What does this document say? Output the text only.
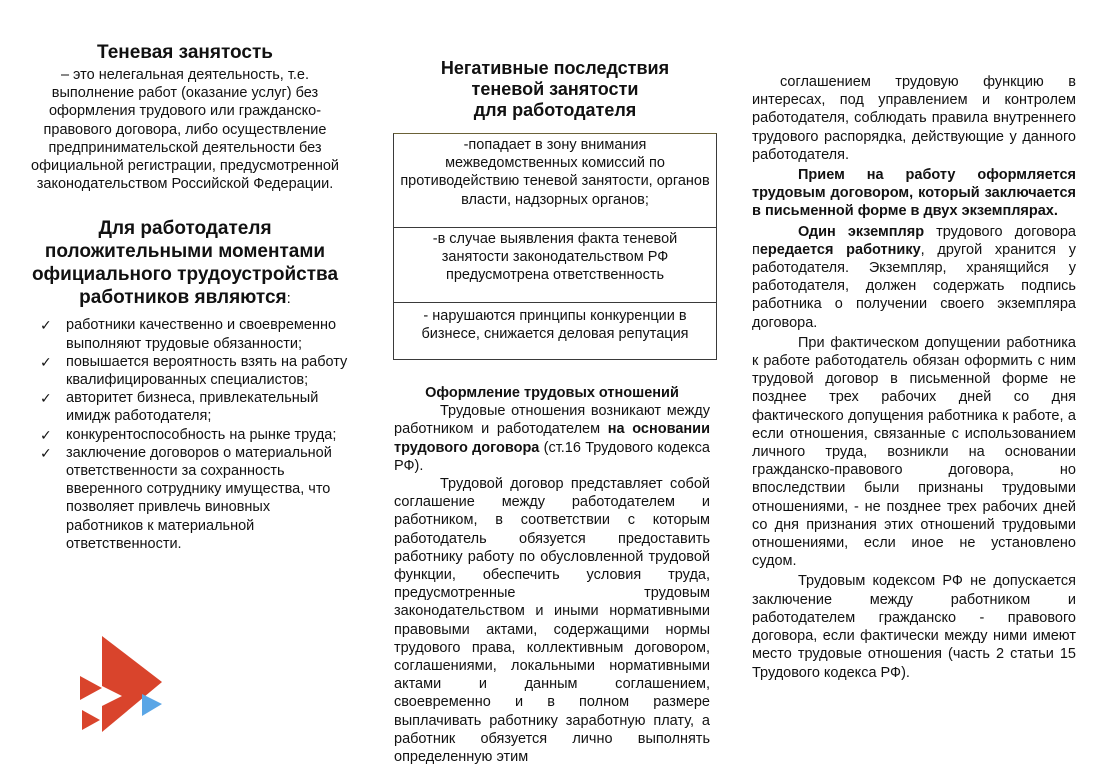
Теневая занятость

– это нелегальная деятельность, т.е. выполнение работ (оказание услуг) без оформления трудового или гражданско-правового договора, либо осуществление предпринимательской деятельности без официальной регистрации, предусмотренной законодательством Российской Федерации.

Для работодателя положительными моментами официального трудоустройства работников являются:
✓ работники качественно и своевременно выполняют трудовые обязанности;
✓ повышается вероятность взять на работу квалифицированных специалистов;
✓ авторитет бизнеса, привлекательный имидж работодателя;
✓ конкурентоспособность на рынке труда;
✓ заключение договоров о материальной ответственности за сохранность вверенного сотруднику имущества, что позволяет привлечь виновных работников к материальной ответственности.
Негативные последствия
теневой занятости
для работодателя
-попадает в зону внимания межведомственных комиссий по противодействию теневой занятости, органов власти, надзорных органов;
-в случае выявления факта теневой занятости законодательством РФ предусмотрена ответственность
- нарушаются принципы конкуренции в бизнесе, снижается деловая репутация

Оформление трудовых отношений

Трудовые отношения возникают между работником и работодателем на основании трудового договора (ст.16 Трудового кодекса РФ).

Трудовой договор представляет собой соглашение между работодателем и работником, в соответствии с которым работодатель обязуется предоставить работнику работу по обусловленной трудовой функции, обеспечить условия труда, предусмотренные трудовым законодательством и иными нормативными правовыми актами, содержащими нормы трудового права, коллективным договором, соглашениями, локальными нормативными актами и данным соглашением, своевременно и в полном размере выплачивать работнику заработную плату, а работник обязуется лично выполнять определенную этим

соглашением трудовую функцию в интересах, под управлением и контролем работодателя, соблюдать правила внутреннего трудового распорядка, действующие у данного работодателя.

Прием на работу оформляется трудовым договором, который заключается в письменной форме в двух экземплярах.

Один экземпляр трудового договора передается работнику, другой хранится у работодателя. Экземпляр, хранящийся у работодателя, должен содержать подпись работника о получении своего экземпляра договора.

При фактическом допущении работника к работе работодатель обязан оформить с ним трудовой договор в письменной форме не позднее трех рабочих дней со дня фактического допущения работника к работе, а если отношения, связанные с использованием личного труда, возникли на основании гражданско-правового договора, но впоследствии были признаны трудовыми отношениями, - не позднее трех рабочих дней со дня признания этих отношений трудовыми отношениями, если иное не установлено судом.

Трудовым кодексом РФ не допускается заключение между работником и работодателем гражданско - правового договора, если фактически между ними имеют место трудовые отношения (часть 2 статьи 15 Трудового кодекса РФ).
